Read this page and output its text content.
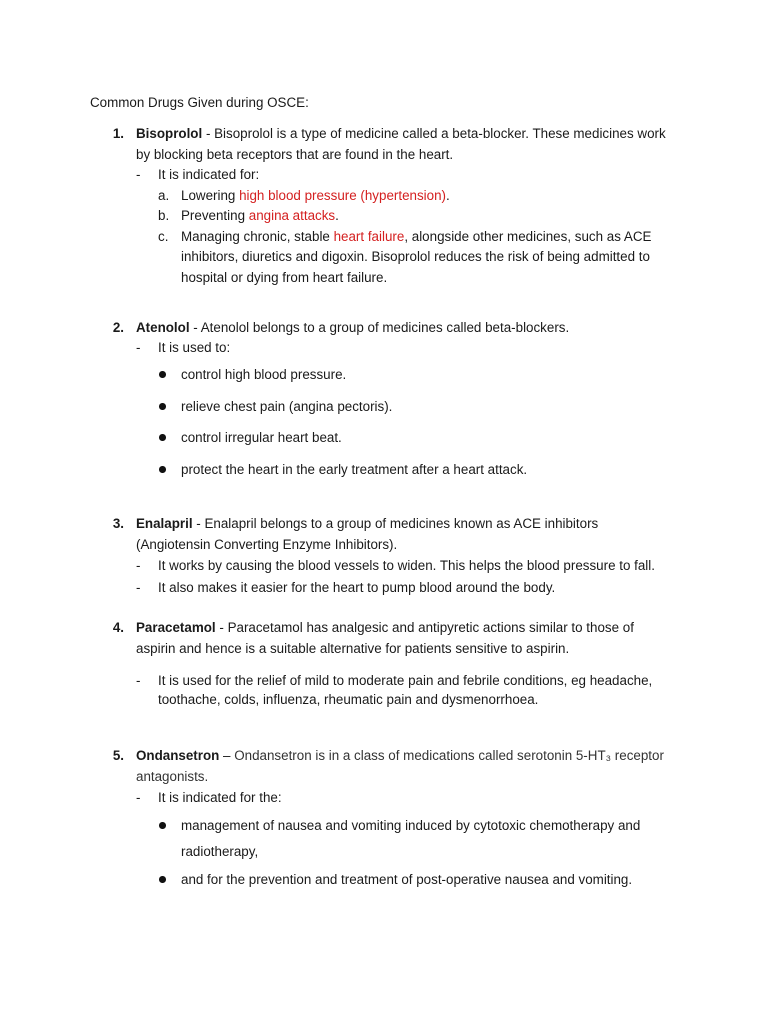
Common Drugs Given during OSCE:
1. Bisoprolol - Bisoprolol is a type of medicine called a beta-blocker. These medicines work
by blocking beta receptors that are found in the heart.
-	It is indicated for:
a. Lowering high blood pressure (hypertension).
b. Preventing angina attacks.
c. Managing chronic, stable heart failure, alongside other medicines, such as ACE
inhibitors, diuretics and digoxin. Bisoprolol reduces the risk of being admitted to
hospital or dying from heart failure.
2. Atenolol - Atenolol belongs to a group of medicines called beta-blockers.
-	It is used to:
control high blood pressure.
relieve chest pain (angina pectoris).
control irregular heart beat.
protect the heart in the early treatment after a heart attack.
3. Enalapril - Enalapril belongs to a group of medicines known as ACE inhibitors
(Angiotensin Converting Enzyme Inhibitors).
-	It works by causing the blood vessels to widen. This helps the blood pressure to fall.
-	It also makes it easier for the heart to pump blood around the body.
4. Paracetamol - Paracetamol has analgesic and antipyretic actions similar to those of
aspirin and hence is a suitable alternative for patients sensitive to aspirin.
-	It is used for the relief of mild to moderate pain and febrile conditions, eg headache,
toothache, colds, influenza, rheumatic pain and dysmenorrhoea.
5. Ondansetron – Ondansetron is in a class of medications called serotonin 5-HT₃ receptor
antagonists.
-	It is indicated for the:
management of nausea and vomiting induced by cytotoxic chemotherapy and
radiotherapy,
and for the prevention and treatment of post-operative nausea and vomiting.
